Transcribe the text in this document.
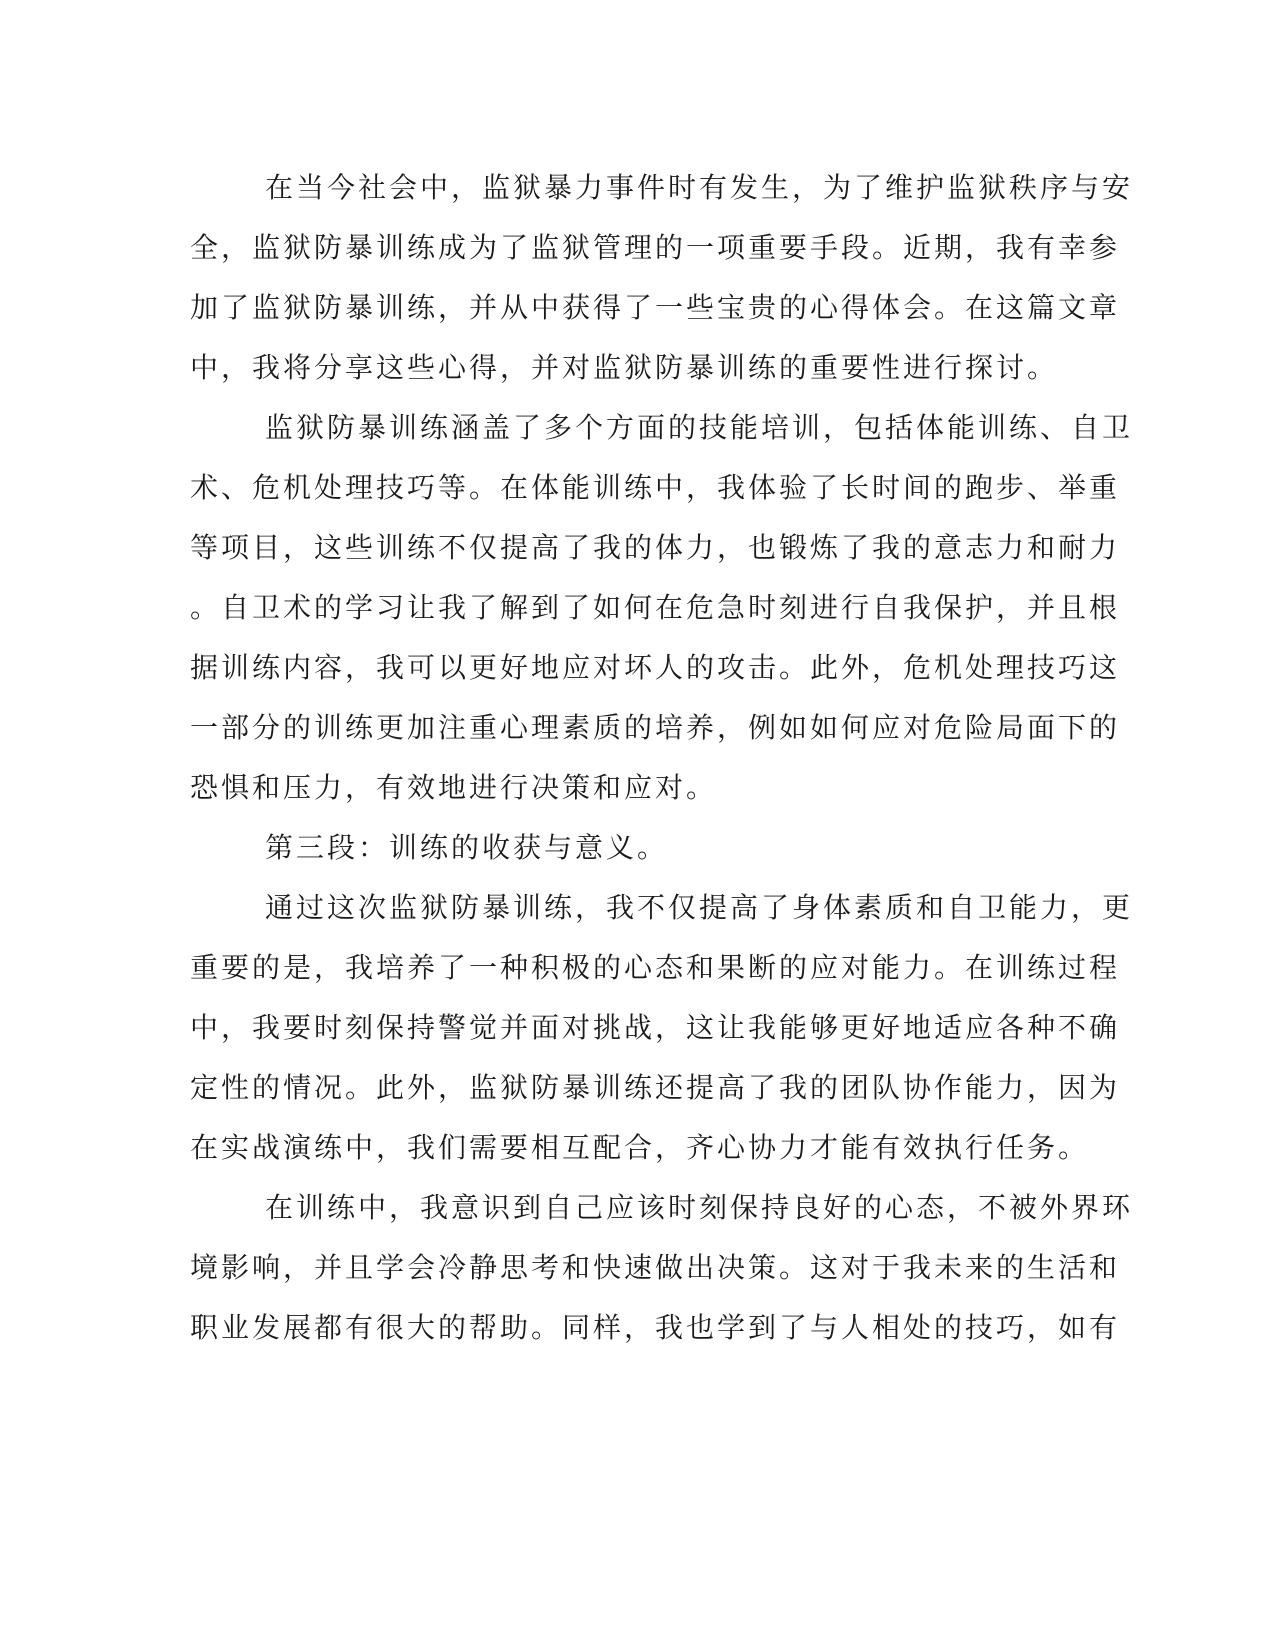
在当今社会中，监狱暴力事件时有发生，为了维护监狱秩序与安
全，监狱防暴训练成为了监狱管理的一项重要手段。近期，我有幸参
加了监狱防暴训练，并从中获得了一些宝贵的心得体会。在这篇文章
中，我将分享这些心得，并对监狱防暴训练的重要性进行探讨。
监狱防暴训练涵盖了多个方面的技能培训，包括体能训练、自卫
术、危机处理技巧等。在体能训练中，我体验了长时间的跑步、举重
等项目，这些训练不仅提高了我的体力，也锻炼了我的意志力和耐力
。自卫术的学习让我了解到了如何在危急时刻进行自我保护，并且根
据训练内容，我可以更好地应对坏人的攻击。此外，危机处理技巧这
一部分的训练更加注重心理素质的培养，例如如何应对危险局面下的
恐惧和压力，有效地进行决策和应对。
第三段：训练的收获与意义。
通过这次监狱防暴训练，我不仅提高了身体素质和自卫能力，更
重要的是，我培养了一种积极的心态和果断的应对能力。在训练过程
中，我要时刻保持警觉并面对挑战，这让我能够更好地适应各种不确
定性的情况。此外，监狱防暴训练还提高了我的团队协作能力，因为
在实战演练中，我们需要相互配合，齐心协力才能有效执行任务。
在训练中，我意识到自己应该时刻保持良好的心态，不被外界环
境影响，并且学会冷静思考和快速做出决策。这对于我未来的生活和
职业发展都有很大的帮助。同样，我也学到了与人相处的技巧，如有
